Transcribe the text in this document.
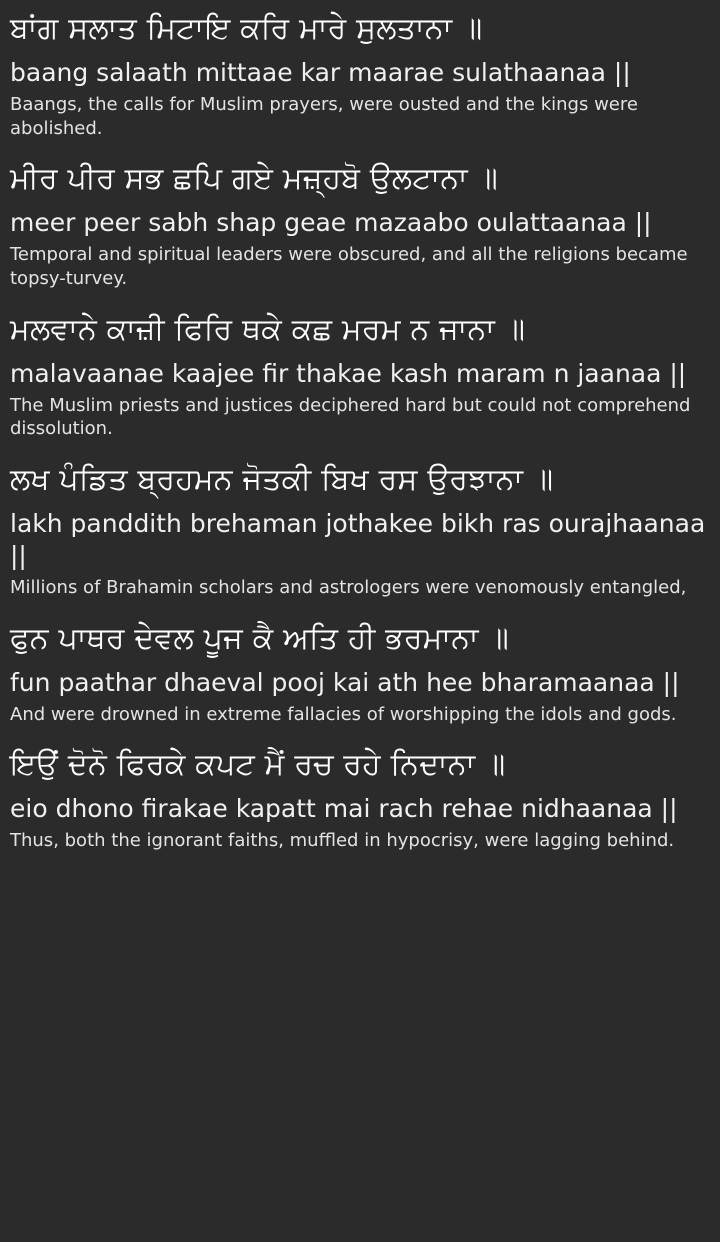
ਬਾਂਗ ਸਲਾਤ ਮਿਟਾਇ ਕਰਿ ਮਾਰੇ ਸੁਲਤਾਨਾ ॥
baang salaath mittaae kar maarae sulathaanaa ||
Baangs, the calls for Muslim prayers, were ousted and the kings were abolished.
ਮੀਰ ਪੀਰ ਸਭ ਛਪਿ ਗਏ ਮਜ਼੍ਹਬੋ ਉਲਟਾਨਾ ॥
meer peer sabh shap geae mazaabo oulattaanaa ||
Temporal and spiritual leaders were obscured, and all the religions became topsy-turvey.
ਮਲਵਾਨੇ ਕਾਜ਼ੀ ਫਿਰਿ ਥਕੇ ਕਛ ਮਰਮ ਨ ਜਾਨਾ ॥
malavaanae kaajee fir thakae kash maram n jaanaa ||
The Muslim priests and justices deciphered hard but could not comprehend dissolution.
ਲਖ ਪੰਡਿਤ ਬ੍ਰਹਮਨ ਜੋਤਕੀ ਬਿਖ ਰਸ ਉਰਝਾਨਾ ॥
lakh panddith brehaman jothakee bikh ras ourajhaanaa ||
Millions of Brahamin scholars and astrologers were venomously entangled,
ਫੁਨ ਪਾਥਰ ਦੇਵਲ ਪੂਜ ਕੈ ਅਤਿ ਹੀ ਭਰਮਾਨਾ ॥
fun paathar dhaeval pooj kai ath hee bharamaanaa ||
And were drowned in extreme fallacies of worshipping the idols and gods.
ਇਉਂ ਦੋਨੋ ਫਿਰਕੇ ਕਪਟ ਮੈਂ ਰਚ ਰਹੇ ਨਿਦਾਨਾ ॥
eio dhono firakae kapatt mai rach rehae nidhaanaa ||
Thus, both the ignorant faiths, muffled in hypocrisy, were lagging behind.
